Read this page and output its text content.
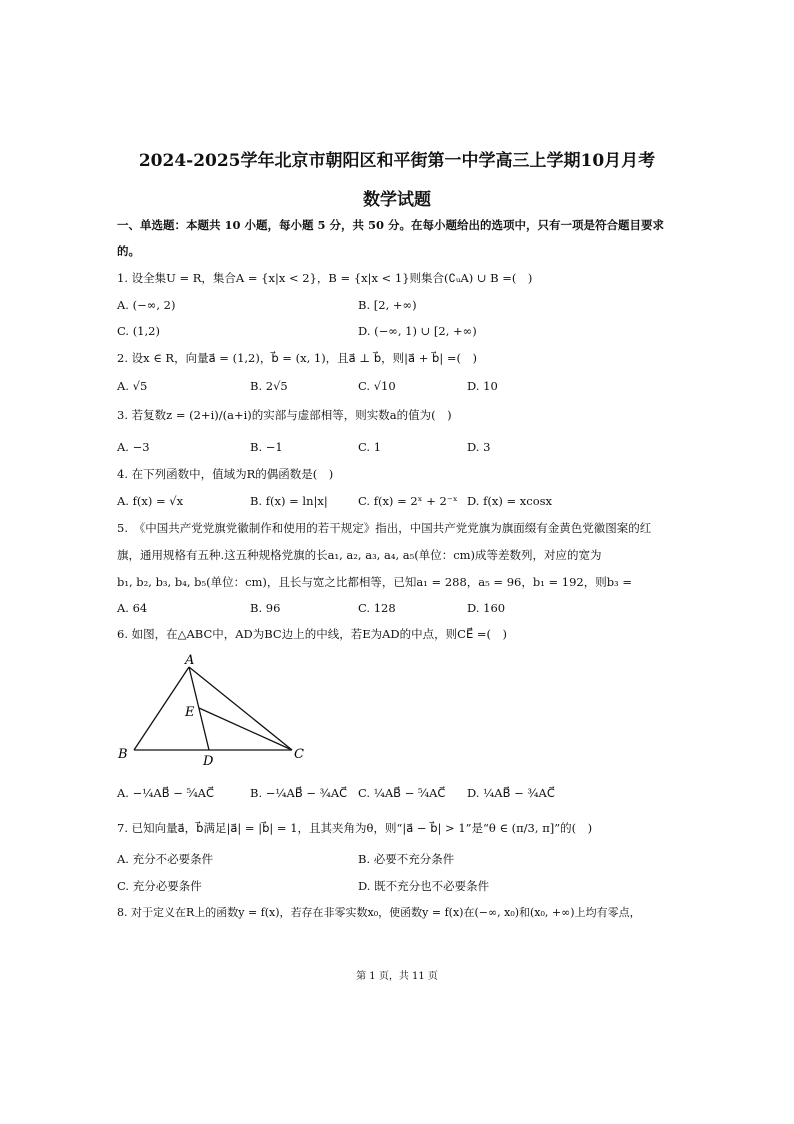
2024-2025学年北京市朝阳区和平街第一中学高三上学期10月月考
数学试题
一、单选题：本题共 10 小题，每小题 5 分，共 50 分。在每小题给出的选项中，只有一项是符合题目要求
的。
1. 设全集U = R，集合A = {x|x < 2}，B = {x|x < 1}则集合(∁ᵤA) ∪ B =(　)
A. (−∞, 2)	B. [2, +∞)
C. (1,2)	D. (−∞, 1) ∪ [2, +∞)
2. 设x ∈ R，向量a⃗ = (1,2)，b⃗ = (x, 1)，且a⃗ ⊥ b⃗，则|a⃗ + b⃗| =(　)
A. √5	B. 2√5	C. √10	D. 10
3. 若复数z = (2+i)/(a+i)的实部与虚部相等，则实数a的值为(　)
A. −3	B. −1	C. 1	D. 3
4. 在下列函数中，值域为R的偶函数是(　)
A. f(x) = √x	B. f(x) = ln|x|	C. f(x) = 2ˣ + 2⁻ˣ D. f(x) = xcosx
5.　《中国共产党党旗党徽制作和使用的若干规定》指出，中国共产党党旗为旗面缀有金黄色党徽图案的红
旗，通用规格有五种.这五种规格党旗的长a₁, a₂, a₃, a₄, a₅(单位：cm)成等差数列，对应的宽为
b₁, b₂, b₃, b₄, b₅(单位：cm)，且长与宽之比都相等，已知a₁ = 288，a₅ = 96，b₁ = 192，则b₃ =
A. 64	B. 96	C. 128	D. 160
6. 如图，在△ABC中，AD为BC边上的中线，若E为AD的中点，则CE⃗ =(　)
A
B	C
D
E
A. −¼AB⃗ − ⁵⁄₄AC⃗	B. −¼AB⃗ − ¾AC⃗ C. ¼AB⃗ − ⁵⁄₄AC⃗ D. ¼AB⃗ − ¾AC⃗
7. 已知向量a⃗，b⃗满足|a⃗| = |b⃗| = 1，且其夹角为θ，则“|a⃗ − b⃗| > 1”是“θ ∈ (π/3, π]”的(　)
A. 充分不必要条件	B. 必要不充分条件
C. 充分必要条件	D. 既不充分也不必要条件
8. 对于定义在R上的函数y = f(x)，若存在非零实数x₀，使函数y = f(x)在(−∞, x₀)和(x₀, +∞)上均有零点，
第 1 页，共 11 页
